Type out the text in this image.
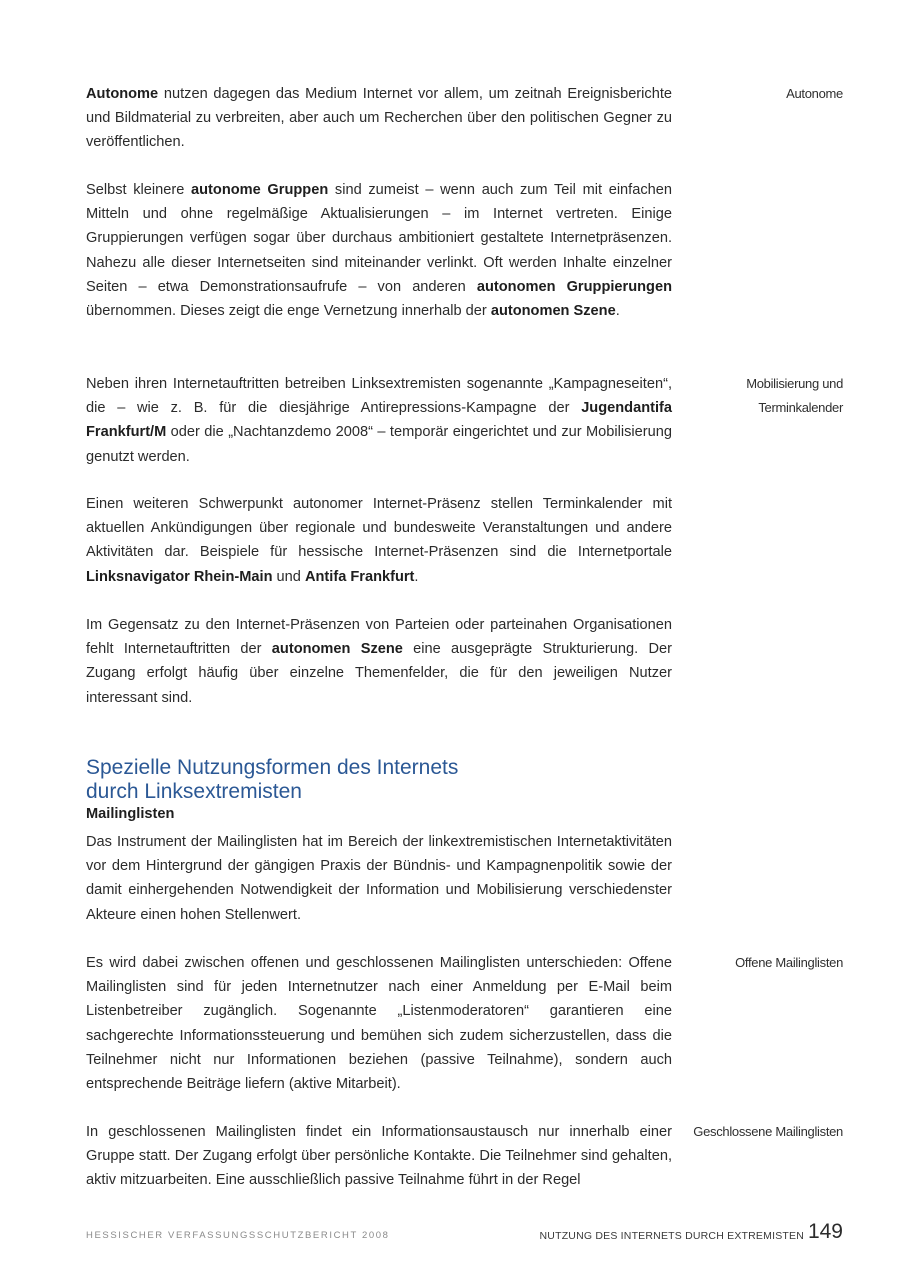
Autonome nutzen dagegen das Medium Internet vor allem, um zeitnah Ereignisberichte und Bildmaterial zu verbreiten, aber auch um Recherchen über den politischen Gegner zu veröffentlichen.

Autonome

Selbst kleinere autonome Gruppen sind zumeist – wenn auch zum Teil mit einfachen Mitteln und ohne regelmäßige Aktualisierungen – im Internet vertreten. Einige Gruppierungen verfügen sogar über durchaus ambitioniert gestaltete Internetpräsenzen. Nahezu alle dieser Internetseiten sind miteinander verlinkt. Oft werden Inhalte einzelner Seiten – etwa Demonstrationsaufrufe – von anderen autonomen Gruppierungen übernommen. Dieses zeigt die enge Vernetzung innerhalb der autonomen Szene.

Neben ihren Internetauftritten betreiben Linksextremisten sogenannte „Kampagneseiten“, die – wie z. B. für die diesjährige Antirepressions-Kampagne der Jugendantifa Frankfurt/M oder die „Nachtanzdemo 2008“ – temporär eingerichtet und zur Mobilisierung genutzt werden.

Mobilisierung und Terminkalender

Einen weiteren Schwerpunkt autonomer Internet-Präsenz stellen Terminkalender mit aktuellen Ankündigungen über regionale und bundesweite Veranstaltungen und andere Aktivitäten dar. Beispiele für hessische Internet-Präsenzen sind die Internetportale Linksnavigator Rhein-Main und Antifa Frankfurt.

Im Gegensatz zu den Internet-Präsenzen von Parteien oder parteinahen Organisationen fehlt Internetauftritten der autonomen Szene eine ausgeprägte Strukturierung. Der Zugang erfolgt häufig über einzelne Themenfelder, die für den jeweiligen Nutzer interessant sind.

Spezielle Nutzungsformen des Internets
durch Linksextremisten
Mailinglisten

Das Instrument der Mailinglisten hat im Bereich der linkextremistischen Internetaktivitäten vor dem Hintergrund der gängigen Praxis der Bündnis- und Kampagnenpolitik sowie der damit einhergehenden Notwendigkeit der Information und Mobilisierung verschiedenster Akteure einen hohen Stellenwert.

Es wird dabei zwischen offenen und geschlossenen Mailinglisten unterschieden: Offene Mailinglisten sind für jeden Internetnutzer nach einer Anmeldung per E-Mail beim Listenbetreiber zugänglich. Sogenannte „Listenmoderatoren“ garantieren eine sachgerechte Informationssteuerung und bemühen sich zudem sicherzustellen, dass die Teilnehmer nicht nur Informationen beziehen (passive Teilnahme), sondern auch entsprechende Beiträge liefern (aktive Mitarbeit).

Offene Mailinglisten

In geschlossenen Mailinglisten findet ein Informationsaustausch nur innerhalb einer Gruppe statt. Der Zugang erfolgt über persönliche Kontakte. Die Teilnehmer sind gehalten, aktiv mitzuarbeiten. Eine ausschließlich passive Teilnahme führt in der Regel

Geschlossene Mailinglisten
HESSISCHER VERFASSUNGSSCHUTZBERICHT 2008	NUTZUNG DES INTERNETS DURCH EXTREMISTEN 149
